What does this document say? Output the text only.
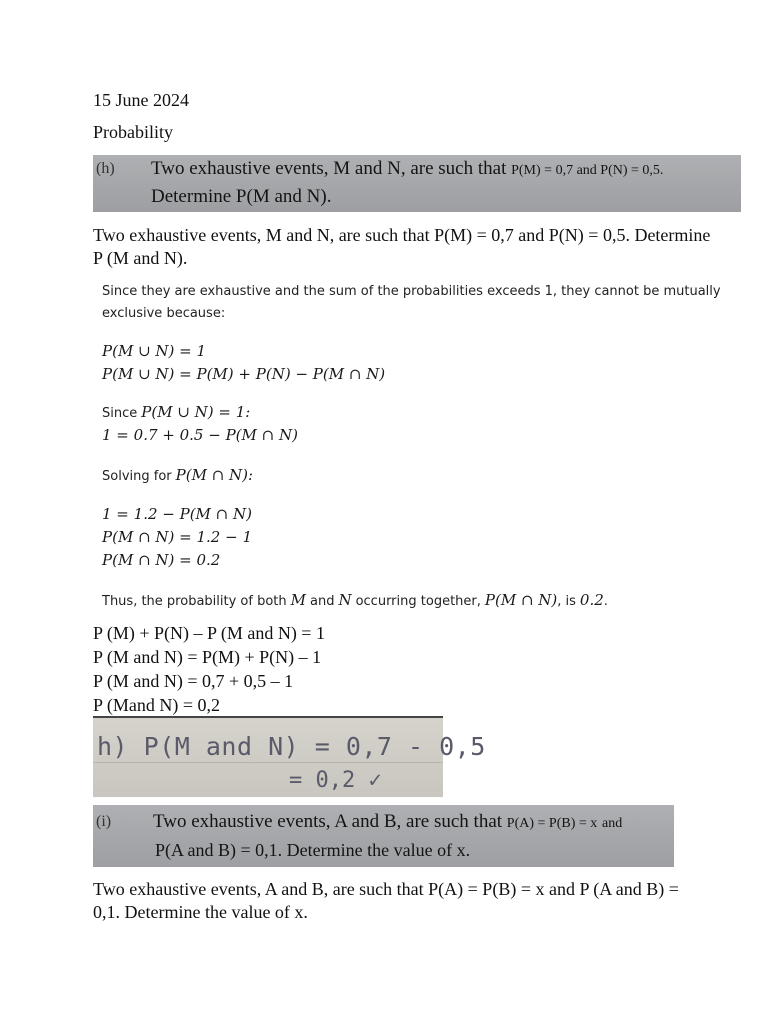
15 June 2024
Probability
(h) Two exhaustive events, M and N, are such that P(M) = 0,7 and P(N) = 0,5.
Determine P(M and N).
Two exhaustive events, M and N, are such that P(M) = 0,7 and P(N) = 0,5. Determine P (M and N).
Since they are exhaustive and the sum of the probabilities exceeds 1, they cannot be mutually exclusive because:
P(M ∪ N) = 1
P(M ∪ N) = P(M) + P(N) − P(M ∩ N)
Since P(M ∪ N) = 1:
1 = 0.7 + 0.5 − P(M ∩ N)
Solving for P(M ∩ N):
1 = 1.2 − P(M ∩ N)
P(M ∩ N) = 1.2 − 1
P(M ∩ N) = 0.2
Thus, the probability of both M and N occurring together, P(M ∩ N), is 0.2.
P (M) + P(N) – P (M and N) = 1
P (M and N) = P(M) + P(N) – 1
P (M and N) = 0,7 + 0,5 – 1
P (Mand N) = 0,2
h) P(M and N) = 0,7 - 0,5
= 0,2 ✓
(i) Two exhaustive events, A and B, are such that P(A) = P(B) = x and
P(A and B) = 0,1. Determine the value of x.
Two exhaustive events, A and B, are such that P(A) = P(B) = x and P (A and B) = 0,1. Determine the value of x.
